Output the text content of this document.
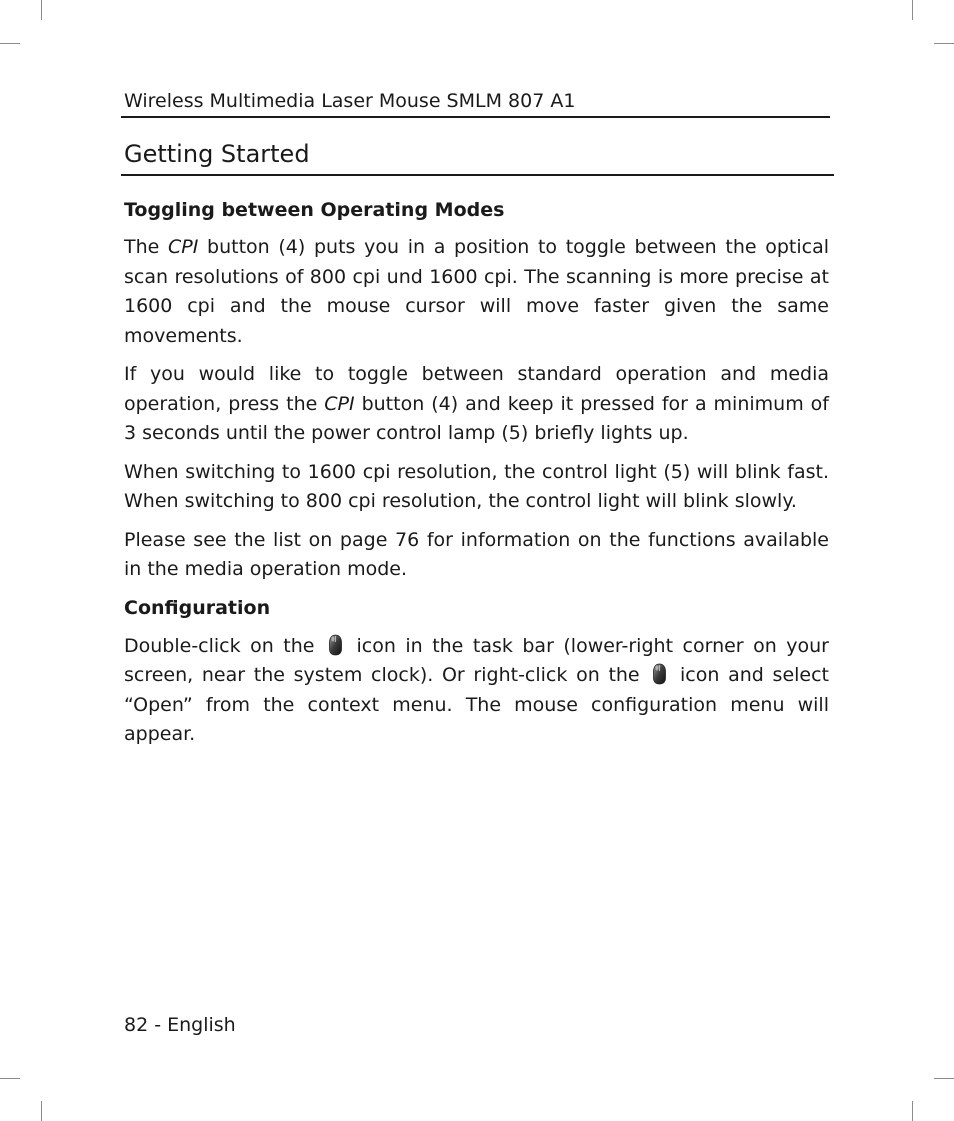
Wireless Multimedia Laser Mouse SMLM 807 A1
Getting Started
Toggling between Operating Modes

The CPI button (4) puts you in a position to toggle between the optical scan resolutions of 800 cpi und 1600 cpi. The scanning is more precise at 1600 cpi and the mouse cursor will move faster given the same movements.

If you would like to toggle between standard operation and media operation, press the CPI button (4) and keep it pressed for a minimum of 3 seconds until the power control lamp (5) briefly lights up.

When switching to 1600 cpi resolution, the control light (5) will blink fast. When switching to 800 cpi resolution, the control light will blink slowly.

Please see the list on page 76 for information on the functions available in the media operation mode.

Configuration

Double-click on the icon in the task bar (lower-right corner on your screen, near the system clock). Or right-click on the icon and select “Open” from the context menu. The mouse configuration menu will appear.

82 - English
